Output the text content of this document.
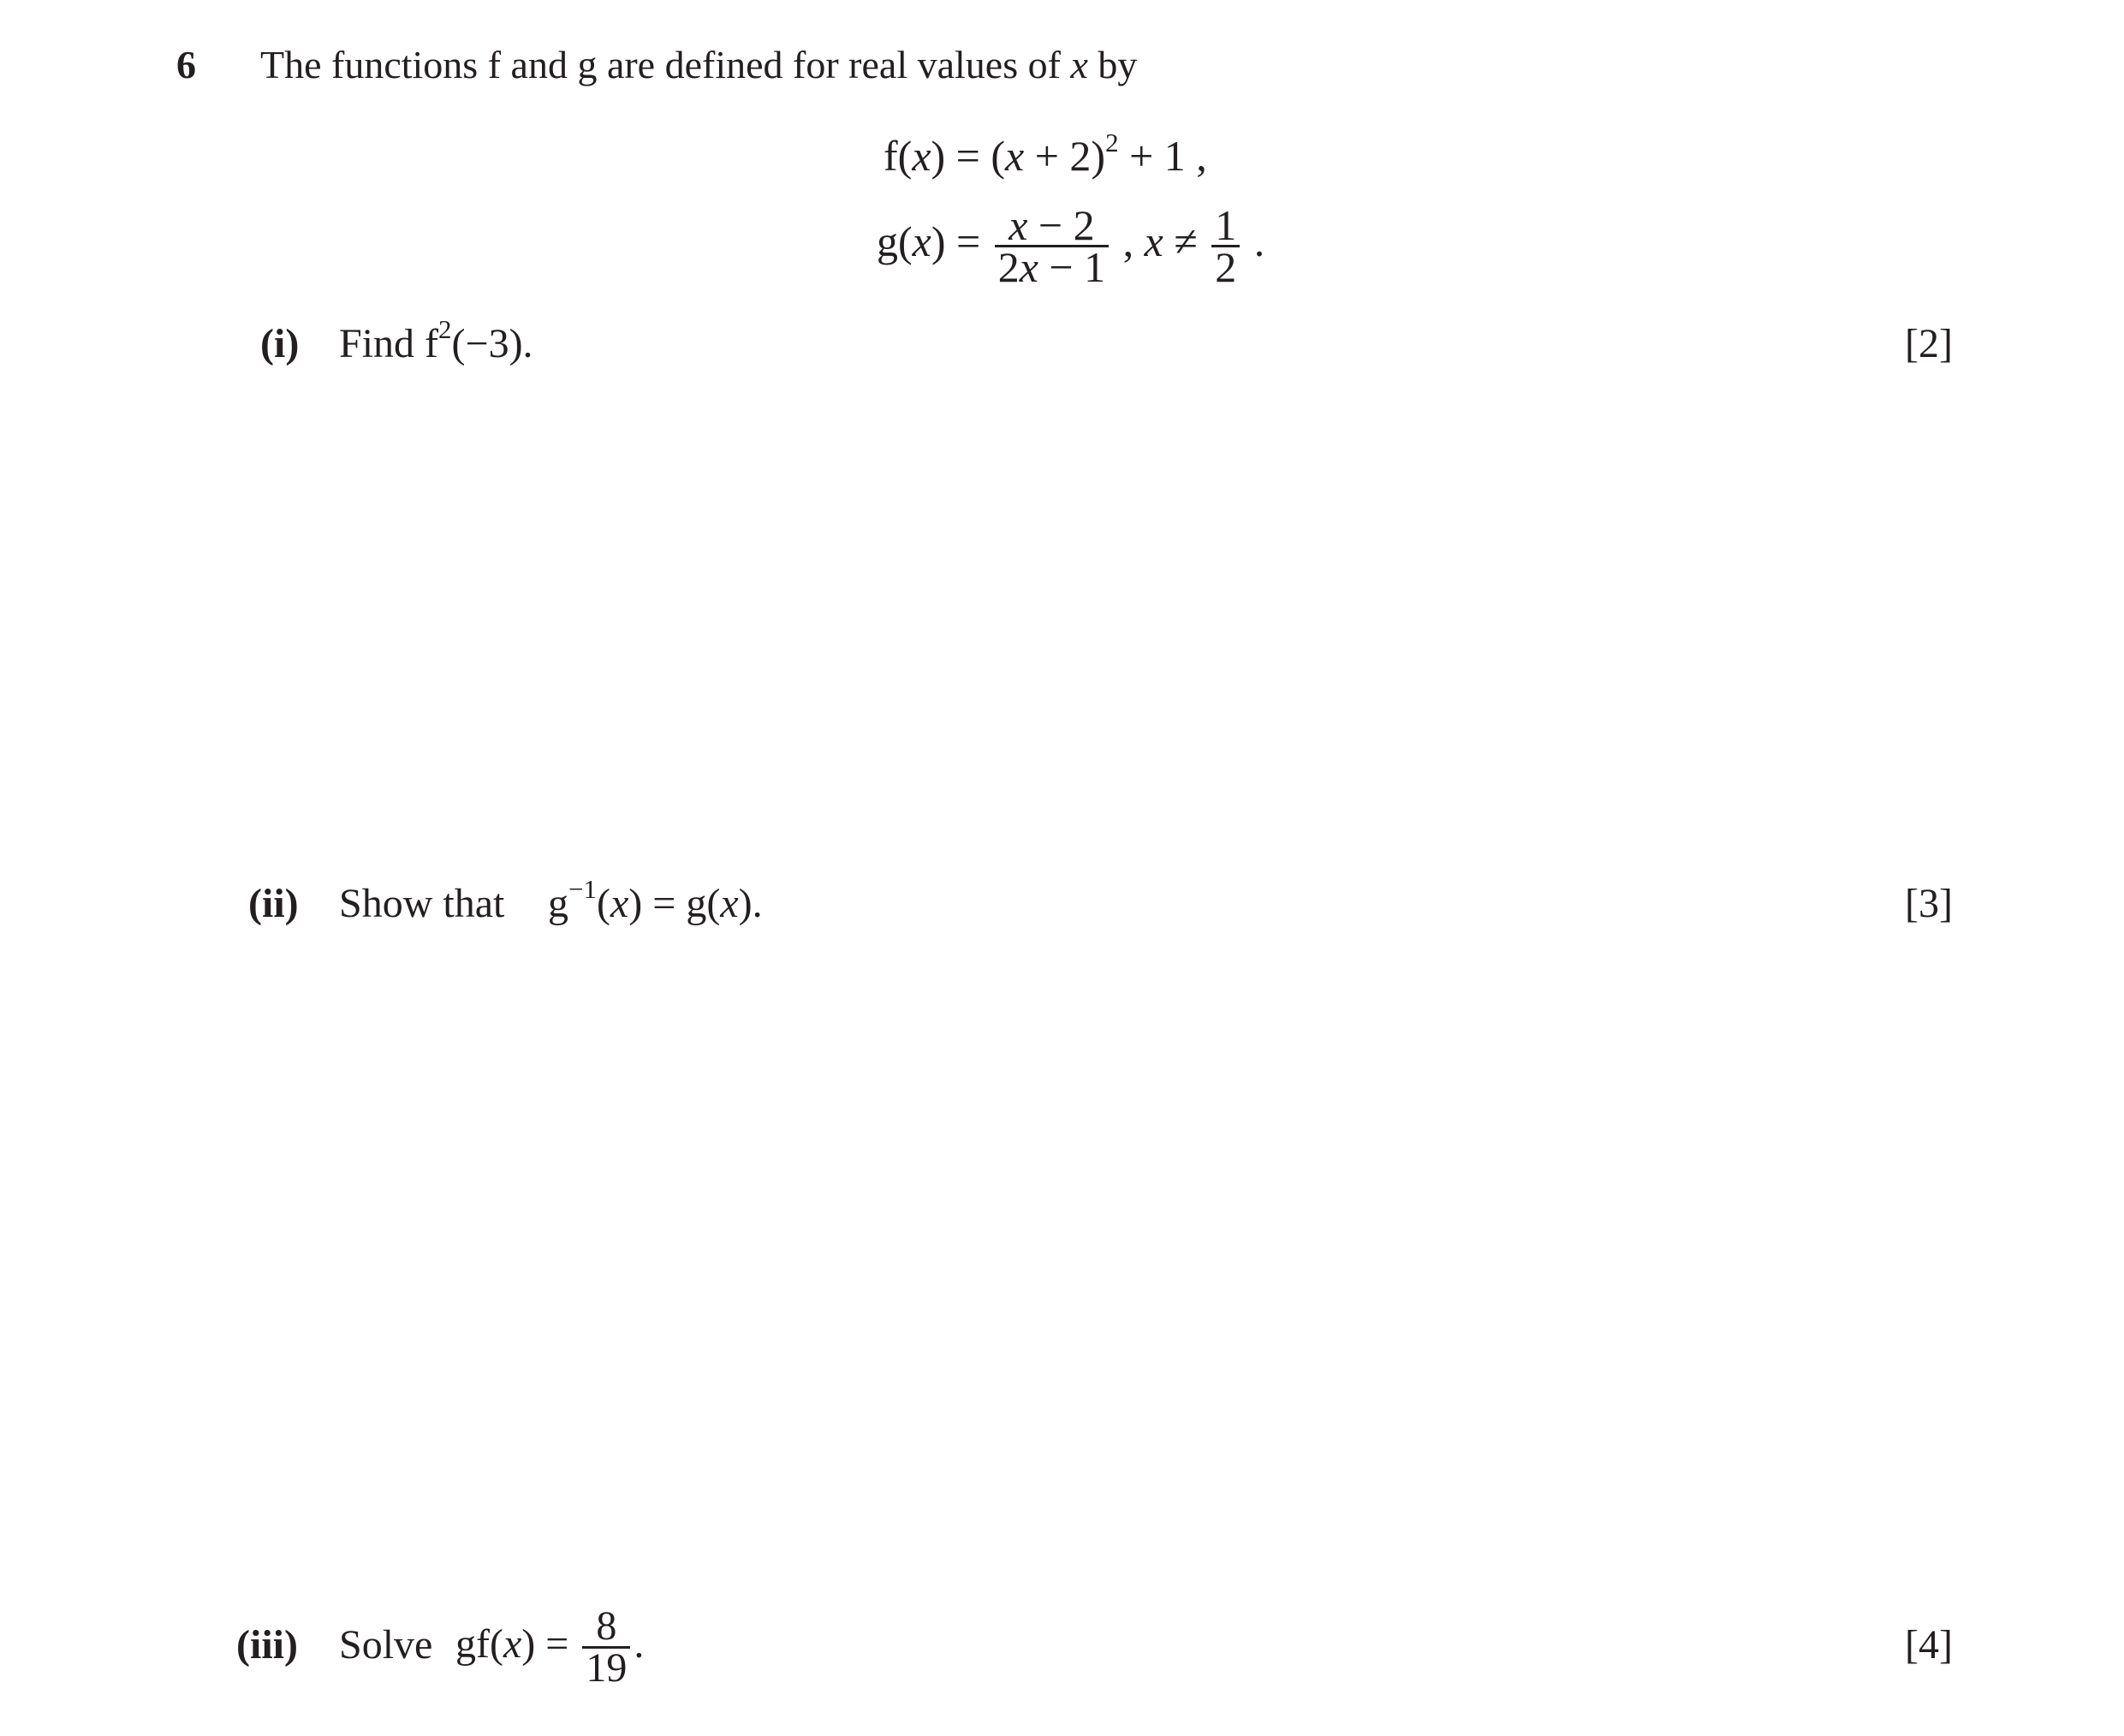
6 The functions f and g are defined for real values of x by
$f(x) = (x + 2)^2 + 1$ ,
$g(x) = \frac{x - 2}{2x - 1}$ , $x \ne \frac{1}{2}$ .
(i) Find $f^2(-3)$.	[2]
(ii) Show that $g^{-1}(x) = g(x)$.	[3]
(iii) Solve $gf(x) = \frac{8}{19}$ .	[4]
